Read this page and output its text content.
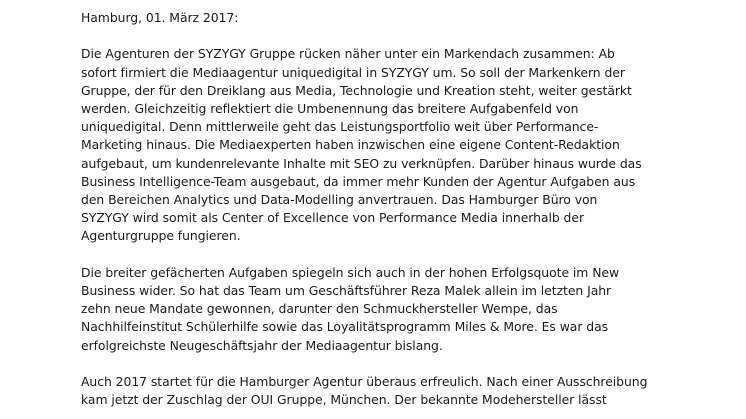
Hamburg, 01. März 2017:
Die Agenturen der SYZYGY Gruppe rücken näher unter ein Markendach zusammen: Ab
sofort firmiert die Mediaagentur uniquedigital in SYZYGY um. So soll der Markenkern der
Gruppe, der für den Dreiklang aus Media, Technologie und Kreation steht, weiter gestärkt
werden. Gleichzeitig reflektiert die Umbenennung das breitere Aufgabenfeld von
uniquedigital. Denn mittlerweile geht das Leistungsportfolio weit über Performance-
Marketing hinaus. Die Mediaexperten haben inzwischen eine eigene Content-Redaktion
aufgebaut, um kundenrelevante Inhalte mit SEO zu verknüpfen. Darüber hinaus wurde das
Business Intelligence-Team ausgebaut, da immer mehr Kunden der Agentur Aufgaben aus
den Bereichen Analytics und Data-Modelling anvertrauen. Das Hamburger Büro von
SYZYGY wird somit als Center of Excellence von Performance Media innerhalb der
Agenturgruppe fungieren.
Die breiter gefächerten Aufgaben spiegeln sich auch in der hohen Erfolgsquote im New
Business wider. So hat das Team um Geschäftsführer Reza Malek allein im letzten Jahr
zehn neue Mandate gewonnen, darunter den Schmuckhersteller Wempe, das
Nachhilfeinstitut Schülerhilfe sowie das Loyalitätsprogramm Miles & More. Es war das
erfolgreichste Neugeschäftsjahr der Mediaagentur bislang.
Auch 2017 startet für die Hamburger Agentur überaus erfreulich. Nach einer Ausschreibung
kam jetzt der Zuschlag der OUI Gruppe, München. Der bekannte Modehersteller lässt
